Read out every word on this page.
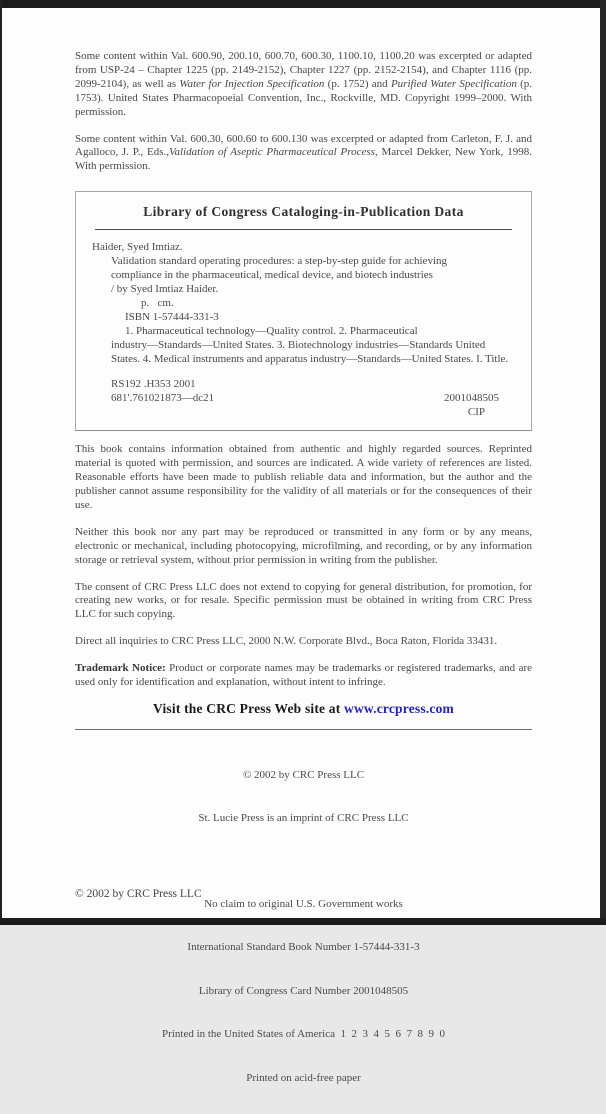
Some content within Val. 600.90, 200.10, 600.70, 600.30, 1100.10, 1100.20 was excerpted or adapted from USP-24 – Chapter 1225 (pp. 2149-2152), Chapter 1227 (pp. 2152-2154), and Chapter 1116 (pp. 2099-2104), as well as Water for Injection Specification (p. 1752) and Purified Water Specification (p. 1753). United States Pharmacopoeial Convention, Inc., Rockville, MD. Copyright 1999–2000. With permission.

Some content within Val. 600.30, 600.60 to 600.130 was excerpted or adapted from Carleton, F. J. and Agalloco, J. P., Eds.,Validation of Aseptic Pharmaceutical Process, Marcel Dekker, New York, 1998. With permission.

Library of Congress Cataloging-in-Publication Data
Haider, Syed Imtiaz.
Validation standard operating procedures: a step-by-step guide for achieving
compliance in the pharmaceutical, medical device, and biotech industries
/ by Syed Imtiaz Haider.
p.   cm.
ISBN 1-57444-331-3
1. Pharmaceutical technology—Quality control. 2. Pharmaceutical
industry—Standards—United States. 3. Biotechnology industries—Standards United
States. 4. Medical instruments and apparatus industry—Standards—United States. I. Title.
RS192 .H353 2001
681'.761021873—dc21	2001048505
CIP

This book contains information obtained from authentic and highly regarded sources. Reprinted material is quoted with permission, and sources are indicated. A wide variety of references are listed. Reasonable efforts have been made to publish reliable data and information, but the author and the publisher cannot assume responsibility for the validity of all materials or for the consequences of their use.

Neither this book nor any part may be reproduced or transmitted in any form or by any means, electronic or mechanical, including photocopying, microfilming, and recording, or by any information storage or retrieval system, without prior permission in writing from the publisher.

The consent of CRC Press LLC does not extend to copying for general distribution, for promotion, for creating new works, or for resale. Specific permission must be obtained in writing from CRC Press LLC for such copying.

Direct all inquiries to CRC Press LLC, 2000 N.W. Corporate Blvd., Boca Raton, Florida 33431.

Trademark Notice: Product or corporate names may be trademarks or registered trademarks, and are used only for identification and explanation, without intent to infringe.

Visit the CRC Press Web site at www.crcpress.com

© 2002 by CRC Press LLC

St. Lucie Press is an imprint of CRC Press LLC

No claim to original U.S. Government works

International Standard Book Number 1-57444-331-3

Library of Congress Card Number 2001048505

Printed in the United States of America  1  2  3  4  5  6  7  8  9  0

Printed on acid-free paper

© 2002 by CRC Press LLC
